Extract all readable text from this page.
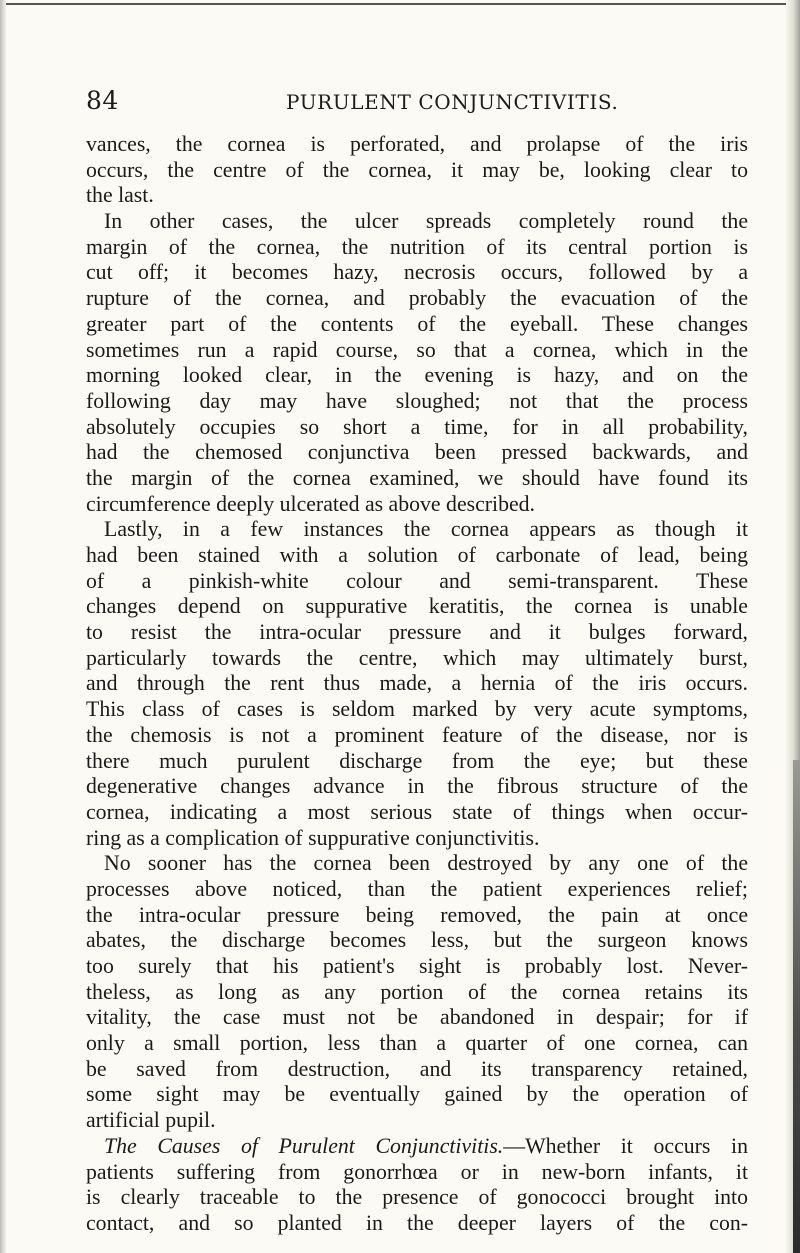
84	PURULENT CONJUNCTIVITIS.
vances, the cornea is perforated, and prolapse of the iris
occurs, the centre of the cornea, it may be, looking clear to
the last.
In other cases, the ulcer spreads completely round the
margin of the cornea, the nutrition of its central portion is
cut off; it becomes hazy, necrosis occurs, followed by a
rupture of the cornea, and probably the evacuation of the
greater part of the contents of the eyeball. These changes
sometimes run a rapid course, so that a cornea, which in the
morning looked clear, in the evening is hazy, and on the
following day may have sloughed; not that the process
absolutely occupies so short a time, for in all probability,
had the chemosed conjunctiva been pressed backwards, and
the margin of the cornea examined, we should have found its
circumference deeply ulcerated as above described.
Lastly, in a few instances the cornea appears as though it
had been stained with a solution of carbonate of lead, being
of a pinkish-white colour and semi-transparent. These
changes depend on suppurative keratitis, the cornea is unable
to resist the intra-ocular pressure and it bulges forward,
particularly towards the centre, which may ultimately burst,
and through the rent thus made, a hernia of the iris occurs.
This class of cases is seldom marked by very acute symptoms,
the chemosis is not a prominent feature of the disease, nor is
there much purulent discharge from the eye; but these
degenerative changes advance in the fibrous structure of the
cornea, indicating a most serious state of things when occur-
ring as a complication of suppurative conjunctivitis.
No sooner has the cornea been destroyed by any one of the
processes above noticed, than the patient experiences relief;
the intra-ocular pressure being removed, the pain at once
abates, the discharge becomes less, but the surgeon knows
too surely that his patient's sight is probably lost. Never-
theless, as long as any portion of the cornea retains its
vitality, the case must not be abandoned in despair; for if
only a small portion, less than a quarter of one cornea, can
be saved from destruction, and its transparency retained,
some sight may be eventually gained by the operation of
artificial pupil.
The Causes of Purulent Conjunctivitis.—Whether it occurs in
patients suffering from gonorrhœa or in new-born infants, it
is clearly traceable to the presence of gonococci brought into
contact, and so planted in the deeper layers of the con-
